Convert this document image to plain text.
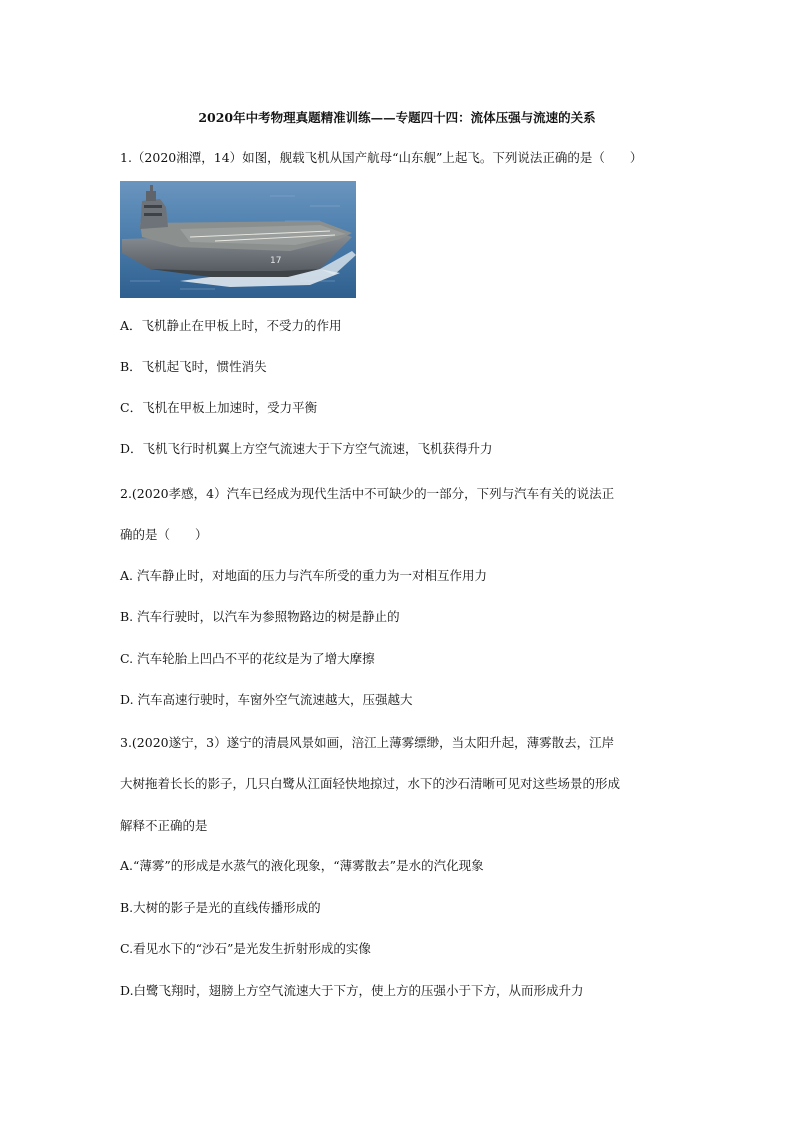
2020年中考物理真题精准训练——专题四十四：流体压强与流速的关系

1.（2020湘潭，14）如图，舰载飞机从国产航母“山东舰”上起飞。下列说法正确的是（　　）

17

A．飞机静止在甲板上时，不受力的作用

B．飞机起飞时，惯性消失

C．飞机在甲板上加速时，受力平衡

D．飞机飞行时机翼上方空气流速大于下方空气流速，飞机获得升力

2.(2020孝感，4）汽车已经成为现代生活中不可缺少的一部分，下列与汽车有关的说法正

确的是（　　）

A. 汽车静止时，对地面的压力与汽车所受的重力为一对相互作用力

B. 汽车行驶时，以汽车为参照物路边的树是静止的

C. 汽车轮胎上凹凸不平的花纹是为了增大摩擦

D. 汽车高速行驶时，车窗外空气流速越大，压强越大

3.(2020遂宁，3）遂宁的清晨风景如画，涪江上薄雾缥缈，当太阳升起，薄雾散去，江岸

大树拖着长长的影子，几只白鹭从江面轻快地掠过，水下的沙石清晰可见对这些场景的形成

解释不正确的是

A.“薄雾”的形成是水蒸气的液化现象，“薄雾散去”是水的汽化现象

B.大树的影子是光的直线传播形成的

C.看见水下的“沙石”是光发生折射形成的实像

D.白鹭飞翔时，翅膀上方空气流速大于下方，使上方的压强小于下方，从而形成升力
